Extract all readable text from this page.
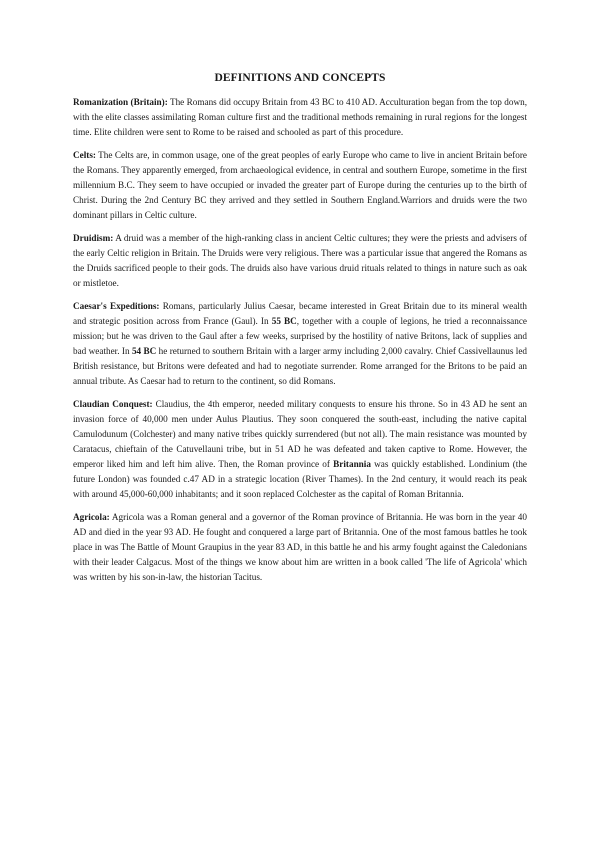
DEFINITIONS AND CONCEPTS

Romanization (Britain): The Romans did occupy Britain from 43 BC to 410 AD. Acculturation began from the top down, with the elite classes assimilating Roman culture first and the traditional methods remaining in rural regions for the longest time. Elite children were sent to Rome to be raised and schooled as part of this procedure.

Celts: The Celts are, in common usage, one of the great peoples of early Europe who came to live in ancient Britain before the Romans. They apparently emerged, from archaeological evidence, in central and southern Europe, sometime in the first millennium B.C. They seem to have occupied or invaded the greater part of Europe during the centuries up to the birth of Christ. During the 2nd Century BC they arrived and they settled in Southern England.Warriors and druids were the two dominant pillars in Celtic culture.

Druidism: A druid was a member of the high-ranking class in ancient Celtic cultures; they were the priests and advisers of the early Celtic religion in Britain. The Druids were very religious. There was a particular issue that angered the Romans as the Druids sacrificed people to their gods. The druids also have various druid rituals related to things in nature such as oak or mistletoe.

Caesar's Expeditions: Romans, particularly Julius Caesar, became interested in Great Britain due to its mineral wealth and strategic position across from France (Gaul). In 55 BC, together with a couple of legions, he tried a reconnaissance mission; but he was driven to the Gaul after a few weeks, surprised by the hostility of native Britons, lack of supplies and bad weather. In 54 BC he returned to southern Britain with a larger army including 2,000 cavalry. Chief Cassivellaunus led British resistance, but Britons were defeated and had to negotiate surrender. Rome arranged for the Britons to be paid an annual tribute. As Caesar had to return to the continent, so did Romans.

Claudian Conquest: Claudius, the 4th emperor, needed military conquests to ensure his throne. So in 43 AD he sent an invasion force of 40,000 men under Aulus Plautius. They soon conquered the south-east, including the native capital Camulodunum (Colchester) and many native tribes quickly surrendered (but not all). The main resistance was mounted by Caratacus, chieftain of the Catuvellauni tribe, but in 51 AD he was defeated and taken captive to Rome. However, the emperor liked him and left him alive. Then, the Roman province of Britannia was quickly established. Londinium (the future London) was founded c.47 AD in a strategic location (River Thames). In the 2nd century, it would reach its peak with around 45,000-60,000 inhabitants; and it soon replaced Colchester as the capital of Roman Britannia.

Agricola: Agricola was a Roman general and a governor of the Roman province of Britannia. He was born in the year 40 AD and died in the year 93 AD. He fought and conquered a large part of Britannia. One of the most famous battles he took place in was The Battle of Mount Graupius in the year 83 AD, in this battle he and his army fought against the Caledonians with their leader Calgacus. Most of the things we know about him are written in a book called 'The life of Agricola' which was written by his son-in-law, the historian Tacitus.
